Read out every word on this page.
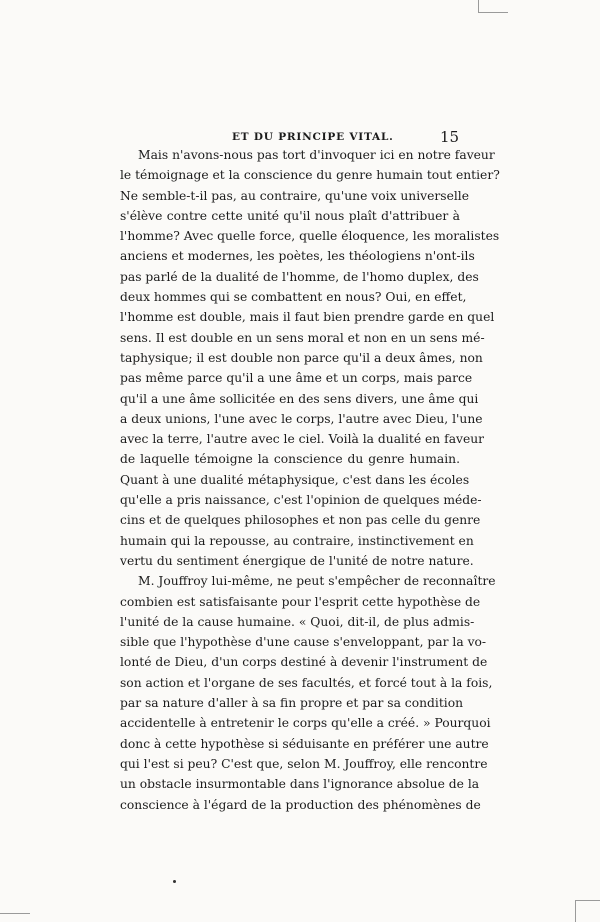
ET DU PRINCIPE VITAL.	15
Mais n'avons-nous pas tort d'invoquer ici en notre faveur
le témoignage et la conscience du genre humain tout entier?
Ne semble-t-il pas, au contraire, qu'une voix universelle
s'élève contre cette unité qu'il nous plaît d'attribuer à
l'homme? Avec quelle force, quelle éloquence, les moralistes
anciens et modernes, les poètes, les théologiens n'ont-ils
pas parlé de la dualité de l'homme, de l'homo duplex, des
deux hommes qui se combattent en nous? Oui, en effet,
l'homme est double, mais il faut bien prendre garde en quel
sens. Il est double en un sens moral et non en un sens mé-
taphysique; il est double non parce qu'il a deux âmes, non
pas même parce qu'il a une âme et un corps, mais parce
qu'il a une âme sollicitée en des sens divers, une âme qui
a deux unions, l'une avec le corps, l'autre avec Dieu, l'une
avec la terre, l'autre avec le ciel. Voilà la dualité en faveur
de laquelle témoigne la conscience du genre humain.
Quant à une dualité métaphysique, c'est dans les écoles
qu'elle a pris naissance, c'est l'opinion de quelques méde-
cins et de quelques philosophes et non pas celle du genre
humain qui la repousse, au contraire, instinctivement en
vertu du sentiment énergique de l'unité de notre nature.
M. Jouffroy lui-même, ne peut s'empêcher de reconnaître
combien est satisfaisante pour l'esprit cette hypothèse de
l'unité de la cause humaine. « Quoi, dit-il, de plus admis-
sible que l'hypothèse d'une cause s'enveloppant, par la vo-
lonté de Dieu, d'un corps destiné à devenir l'instrument de
son action et l'organe de ses facultés, et forcé tout à la fois,
par sa nature d'aller à sa fin propre et par sa condition
accidentelle à entretenir le corps qu'elle a créé. » Pourquoi
donc à cette hypothèse si séduisante en préférer une autre
qui l'est si peu? C'est que, selon M. Jouffroy, elle rencontre
un obstacle insurmontable dans l'ignorance absolue de la
conscience à l'égard de la production des phénomènes de
